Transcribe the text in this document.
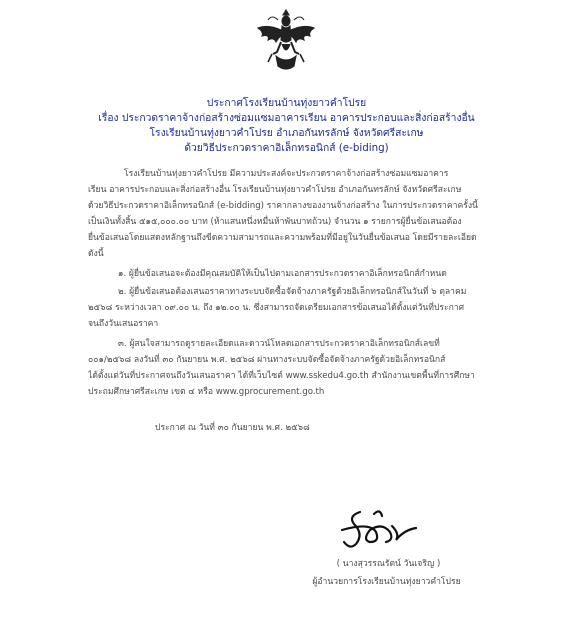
ประกาศโรงเรียนบ้านทุ่งยาวคำโปรย
เรื่อง ประกวดราคาจ้างก่อสร้างซ่อมแซมอาคารเรียน อาคารประกอบและสิ่งก่อสร้างอื่น
โรงเรียนบ้านทุ่งยาวคำโปรย อำเภอกันทรลักษ์ จังหวัดศรีสะเกษ
ด้วยวิธีประกวดราคาอิเล็กทรอนิกส์ (e-biding)
โรงเรียนบ้านทุ่งยาวคำโปรย มีความประสงค์จะประกวดราคาจ้างก่อสร้างซ่อมแซมอาคาร
เรียน อาคารประกอบและสิ่งก่อสร้างอื่น โรงเรียนบ้านทุ่งยาวคำโปรย อำเภอกันทรลักษ์ จังหวัดศรีสะเกษ
ด้วยวิธีประกวดราคาอิเล็กทรอนิกส์ (e-bidding) ราคากลางของงานจ้างก่อสร้าง ในการประกวดราคาครั้งนี้
เป็นเงินทั้งสิ้น ๕๑๕,๐๐๐.๐๐ บาท (ห้าแสนหนึ่งหมื่นห้าพันบาทถ้วน) จำนวน ๑ รายการผู้ยื่นข้อเสนอต้อง
ยื่นข้อเสนอโดยแสดงหลักฐานถึงขีดความสามารถและความพร้อมที่มีอยู่ในวันยื่นข้อเสนอ โดยมีรายละเอียด
ดังนี้
๑. ผู้ยื่นข้อเสนอจะต้องมีคุณสมบัติให้เป็นไปตามเอกสารประกวดราคาอิเล็กทรอนิกส์กำหนด
๒. ผู้ยื่นข้อเสนอต้องเสนอราคาทางระบบจัดซื้อจัดจ้างภาครัฐด้วยอิเล็กทรอนิกส์ในวันที่ ๖ ตุลาคม
๒๕๖๘ ระหว่างเวลา ๐๙.๐๐ น. ถึง ๑๒.๐๐ น. ซึ่งสามารถจัดเตรียมเอกสารข้อเสนอได้ตั้งแต่วันที่ประกาศ
จนถึงวันเสนอราคา
๓. ผู้สนใจสามารถดูรายละเอียดและดาวน์โหลดเอกสารประกวดราคาอิเล็กทรอนิกส์เลขที่
๐๐๑/๒๕๖๘ ลงวันที่ ๓๐ กันยายน พ.ศ. ๒๕๖๘ ผ่านทางระบบจัดซื้อจัดจ้างภาครัฐด้วยอิเล็กทรอนิกส์
ได้ตั้งแต่วันที่ประกาศจนถึงวันเสนอราคา ได้ที่เว็บไซต์ www.sskedu4.go.th สำนักงานเขตพื้นที่การศึกษา
ประถมศึกษาศรีสะเกษ เขต ๔ หรือ www.gprocurement.go.th
ประกาศ ณ วันที่ ๓๐ กันยายน พ.ศ. ๒๕๖๘
( นางสุวรรณรัตน์ วันเจริญ )
ผู้อำนวยการโรงเรียนบ้านทุ่งยาวคำโปรย
